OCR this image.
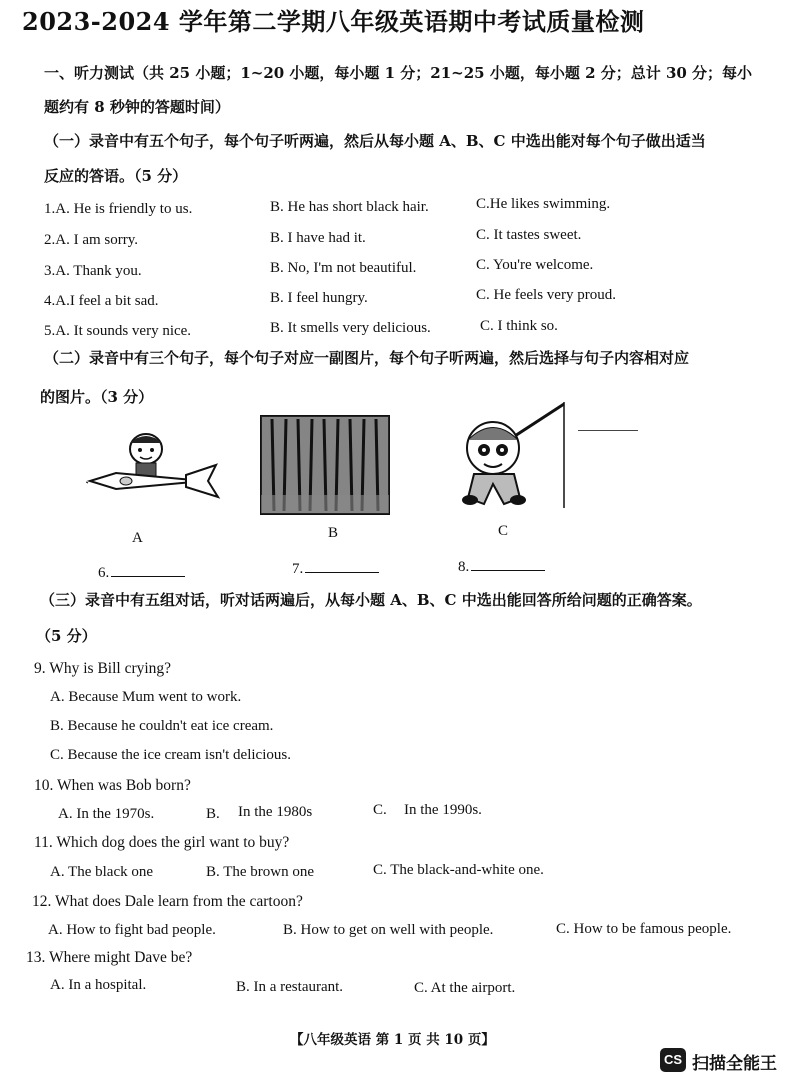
2023-2024 学年第二学期八年级英语期中考试质量检测
一、听力测试（共 25 小题；1~20 小题，每小题 1 分；21~25 小题，每小题 2 分；总计 30 分；每小
题约有 8 秒钟的答题时间）
（一）录音中有五个句子，每个句子听两遍，然后从每小题 A、B、C 中选出能对每个句子做出适当
反应的答语。（5 分）
1.A. He is friendly to us.	B. He has short black hair.	C.He likes swimming.
2.A. I am sorry.	B. I have had it.	C. It tastes sweet.
3.A. Thank you.	B. No, I'm not beautiful.	C. You're welcome.
4.A.I feel a bit sad.	B. I feel hungry.	C. He feels very proud.
5.A. It sounds very nice.	B. It smells very delicious.	C. I think so.
（二）录音中有三个句子，每个句子对应一副图片，每个句子听两遍，然后选择与句子内容相对应
的图片。（3 分）
A	B	C
6.	7.	8.
（三）录音中有五组对话，听对话两遍后，从每小题 A、B、C 中选出能回答所给问题的正确答案。
（5 分）
9. Why is Bill crying?
A. Because Mum went to work.
B. Because he couldn't eat ice cream.
C. Because the ice cream isn't delicious.
10. When was Bob born?
A. In the 1970s.	B. In the 1980s	C. In the 1990s.
11. Which dog does the girl want to buy?
A. The black one	B. The brown one	C. The black-and-white one.
12. What does Dale learn from the cartoon?
A. How to fight bad people.	B. How to get on well with people.	C. How to be famous people.
13. Where might Dave be?
A. In a hospital.	B. In a restaurant.	C. At the airport.
【八年级英语 第 1 页 共 10 页】
CS 扫描全能王
